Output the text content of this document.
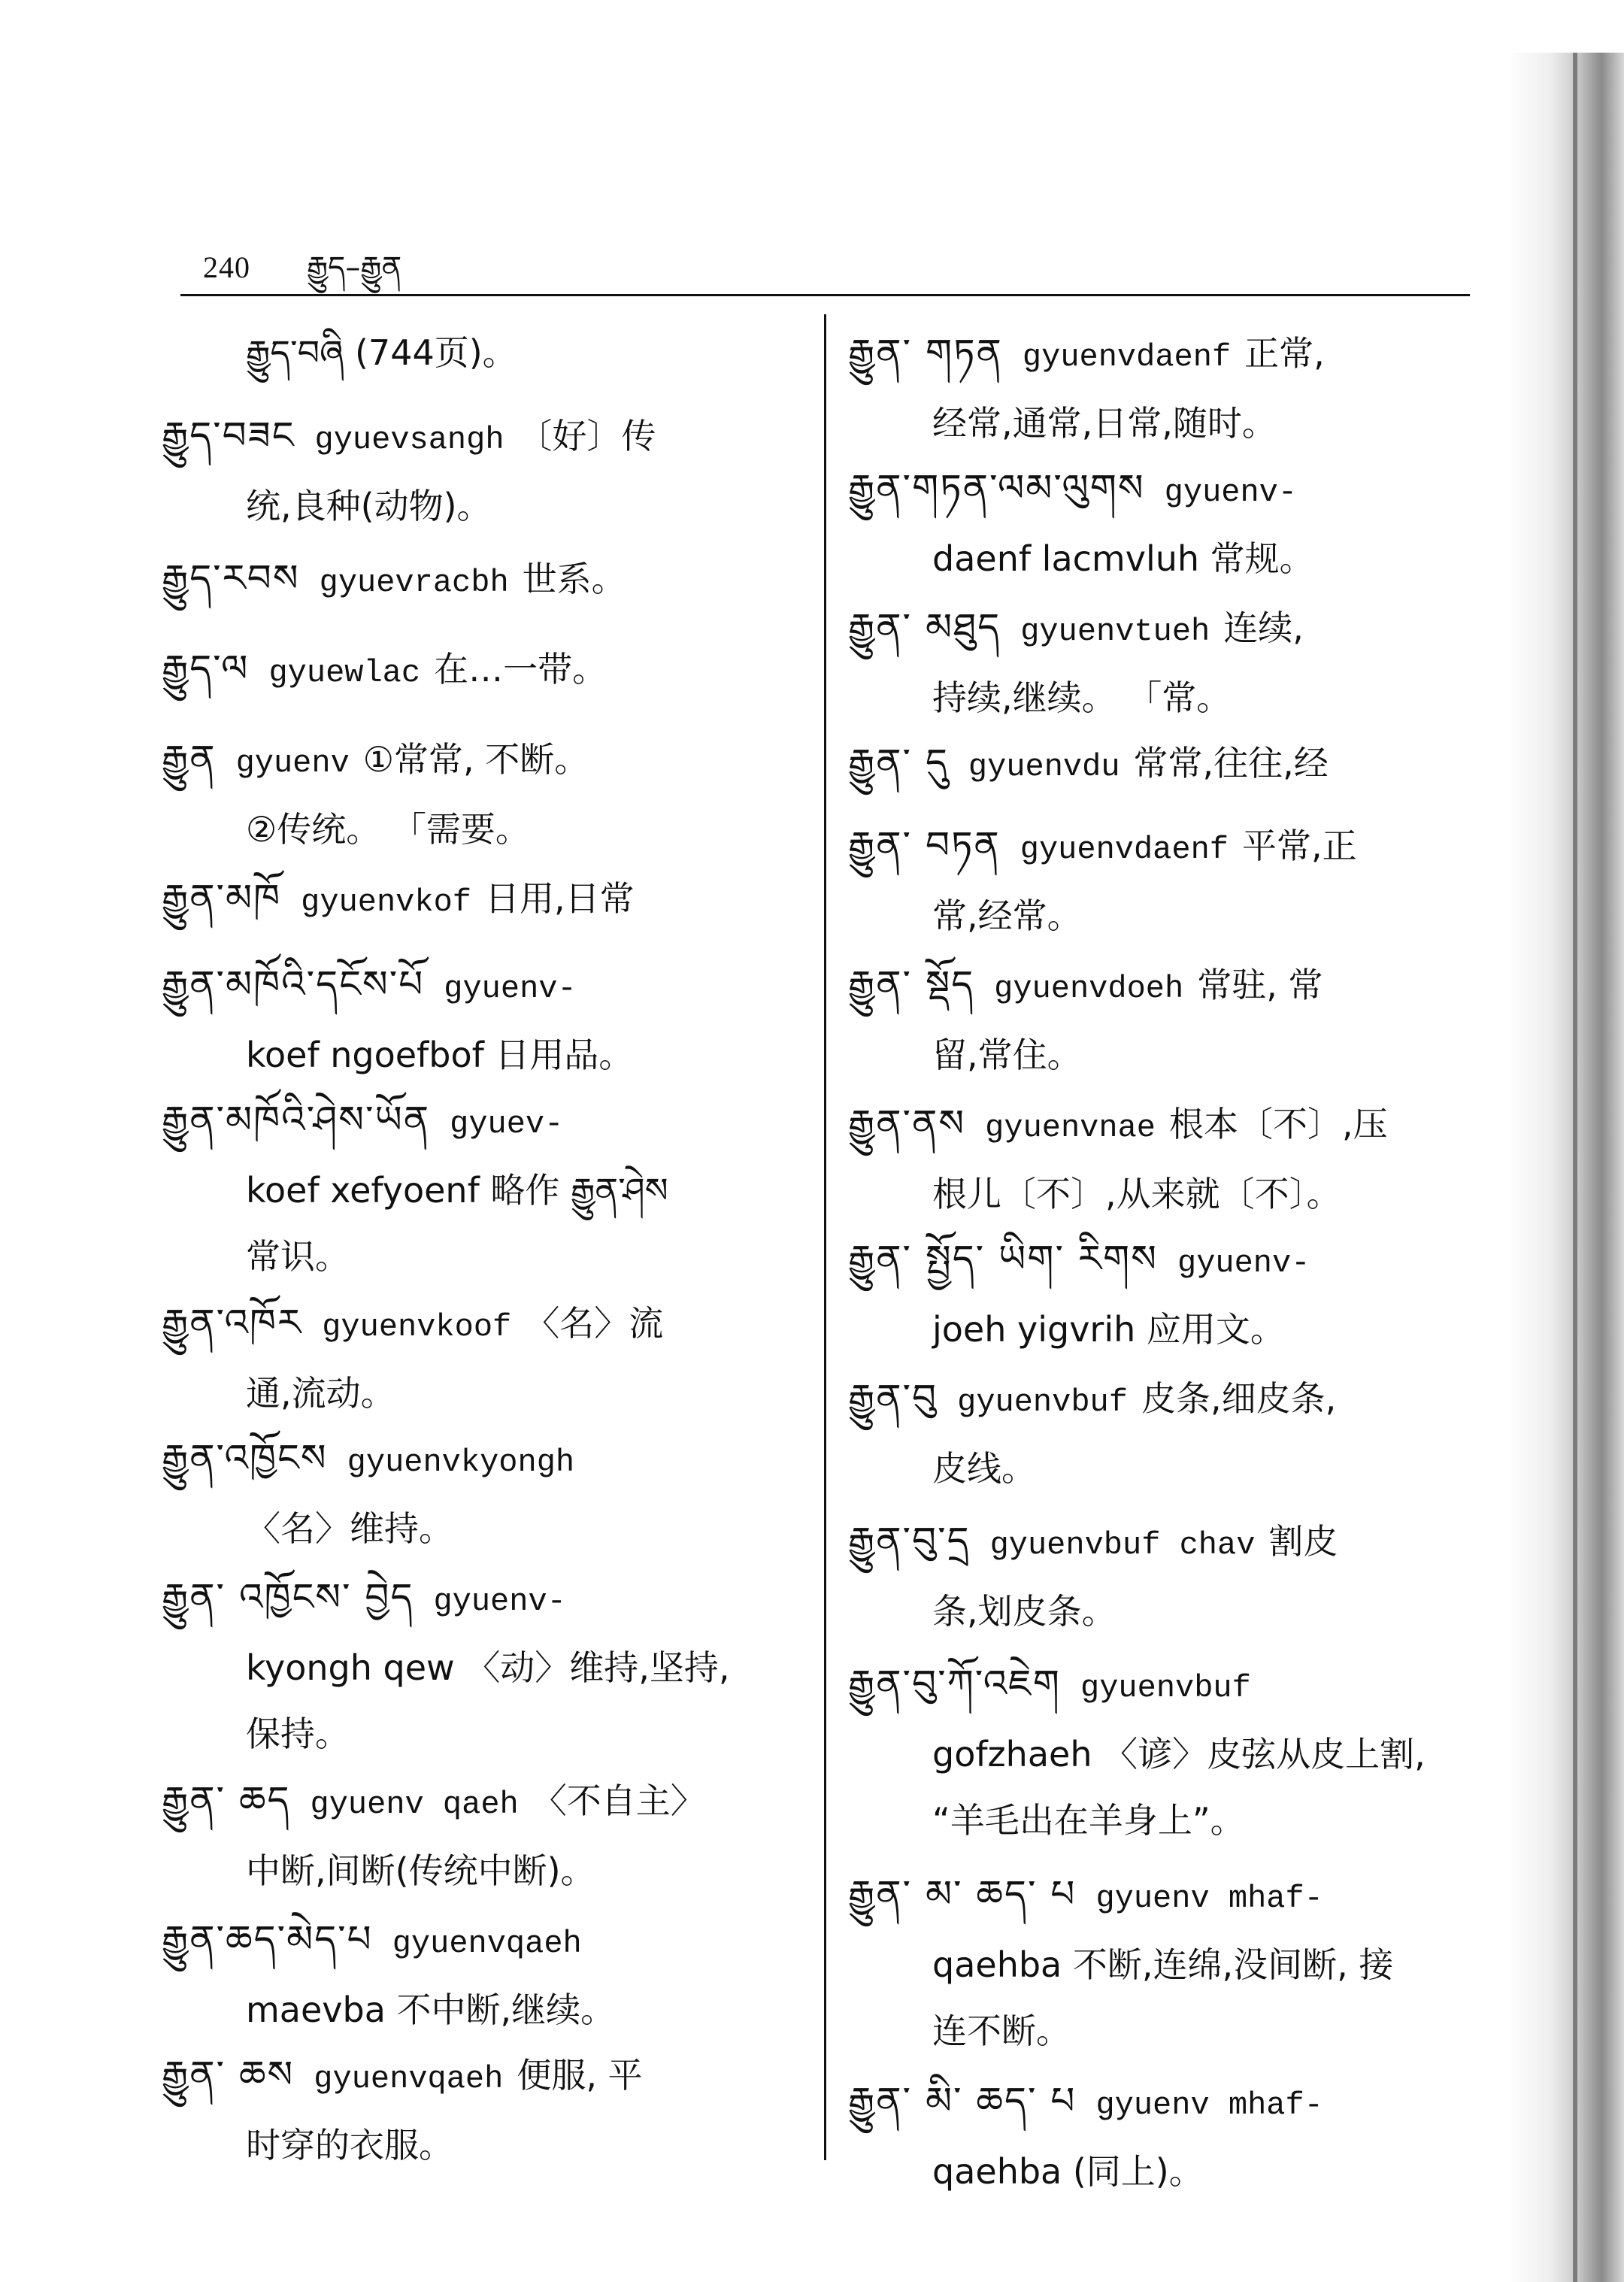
240 རྒྱུད–རྒྱུན
རྒྱུད་བཞི (744页)。
རྒྱུད་བཟང gyuevsangh 〔好〕传
统,良种(动物)。
རྒྱུད་རབས gyuevracbh 世系。
རྒྱུད་ལ gyuewlac 在…一带。
རྒྱུན gyuenv ①常常, 不断。
②传统。 「需要。
རྒྱུན་མཁོ gyuenvkof 日用,日常
རྒྱུན་མཁོའི་དངོས་པོ gyuenv-
koef ngoefbof 日用品。
རྒྱུན་མཁོའི་ཤེས་ཡོན gyuev-
koef xefyoenf 略作 རྒྱུན་ཤེས
常识。
རྒྱུན་འཁོར gyuenvkoof 〈名〉流
通,流动。
རྒྱུན་འཁྱོངས gyuenvkyongh
〈名〉维持。
རྒྱུན་ འཁྱོངས་ བྱེད gyuenv-
kyongh qew 〈动〉维持,坚持,
保持。
རྒྱུན་ ཆད gyuenv qaeh 〈不自主〉
中断,间断(传统中断)。
རྒྱུན་ཆད་མེད་པ gyuenvqaeh
maevba 不中断,继续。
རྒྱུན་ ཆས gyuenvqaeh 便服, 平
时穿的衣服。
རྒྱུན་ གཏན gyuenvdaenf 正常,
经常,通常,日常,随时。
རྒྱུན་གཏན་ལམ་ལུགས gyuenv-
daenf lacmvluh 常规。
རྒྱུན་ མཐུད gyuenvtueh 连续,
持续,继续。 「常。
རྒྱུན་ དུ gyuenvdu 常常,往往,经
རྒྱུན་ བཏན gyuenvdaenf 平常,正
常,经常。
རྒྱུན་ སྡོད gyuenvdoeh 常驻, 常
留,常住。
རྒྱུན་ནས gyuenvnae 根本〔不〕,压
根儿〔不〕,从来就〔不〕。
རྒྱུན་ སྤྱོད་ ཡིག་ རིགས gyuenv-
joeh yigvrih 应用文。
རྒྱུན་བུ gyuenvbuf 皮条,细皮条,
皮线。
རྒྱུན་བུ་དྲ gyuenvbuf chav 割皮
条,划皮条。
རྒྱུན་བུ་ཀོ་འཇེག gyuenvbuf
gofzhaeh 〈谚〉皮弦从皮上割,
“羊毛出在羊身上”。
རྒྱུན་ མ་ ཆད་ པ gyuenv mhaf-
qaehba 不断,连绵,没间断, 接
连不断。
རྒྱུན་ མི་ ཆད་ པ gyuenv mhaf-
qaehba (同上)。
